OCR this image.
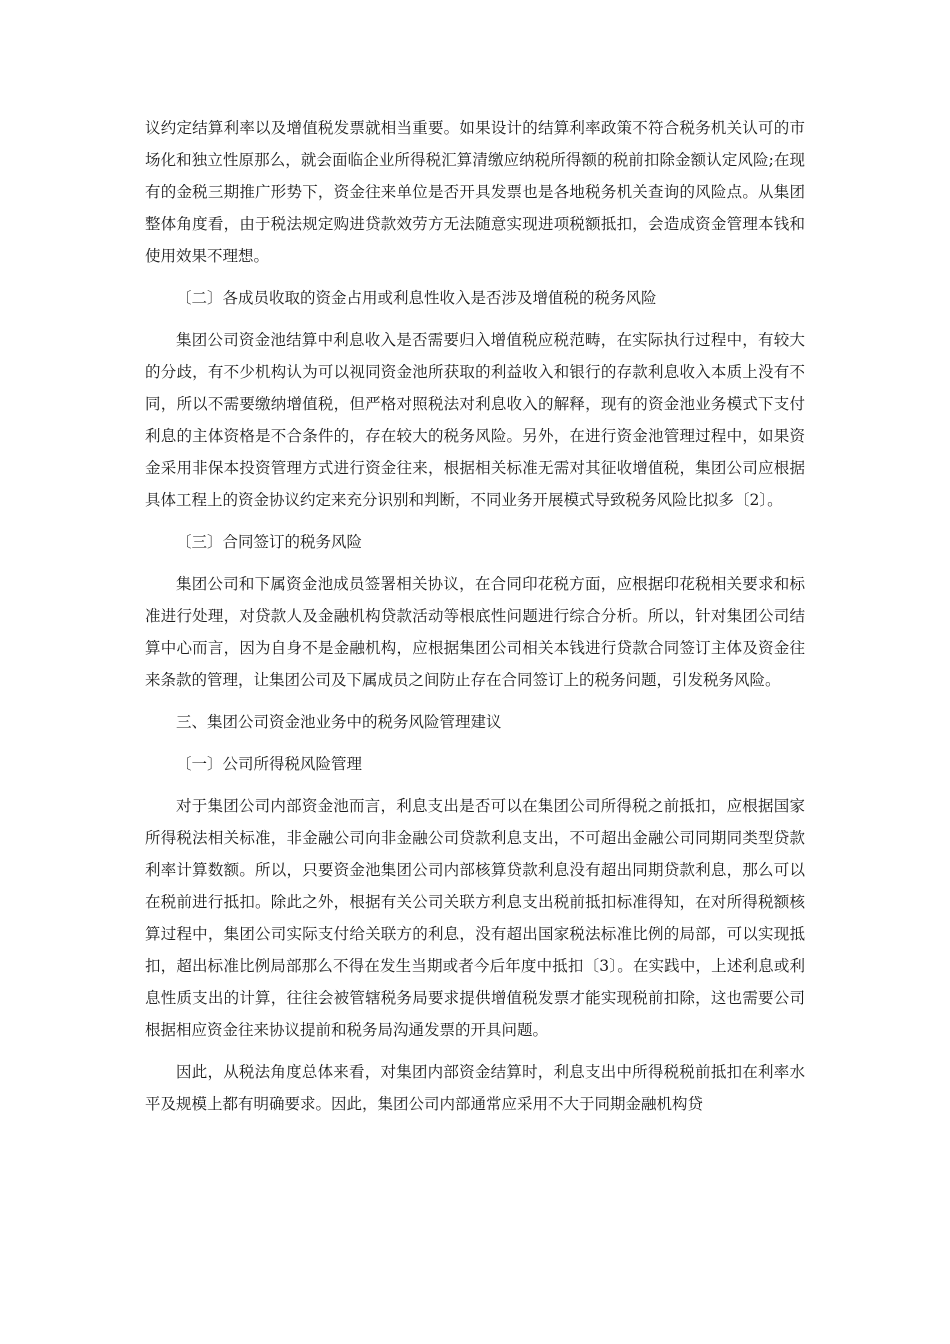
议约定结算利率以及增值税发票就相当重要。如果设计的结算利率政策不符合税务机关认可的市场化和独立性原那么，就会面临企业所得税汇算清缴应纳税所得额的税前扣除金额认定风险;在现有的金税三期推广形势下，资金往来单位是否开具发票也是各地税务机关查询的风险点。从集团整体角度看，由于税法规定购进贷款效劳方无法随意实现进项税额抵扣，会造成资金管理本钱和使用效果不理想。

〔二〕各成员收取的资金占用或利息性收入是否涉及增值税的税务风险

集团公司资金池结算中利息收入是否需要归入增值税应税范畴，在实际执行过程中，有较大的分歧，有不少机构认为可以视同资金池所获取的利益收入和银行的存款利息收入本质上没有不同，所以不需要缴纳增值税，但严格对照税法对利息收入的解释，现有的资金池业务模式下支付利息的主体资格是不合条件的，存在较大的税务风险。另外，在进行资金池管理过程中，如果资金采用非保本投资管理方式进行资金往来，根据相关标准无需对其征收增值税，集团公司应根据具体工程上的资金协议约定来充分识别和判断，不同业务开展模式导致税务风险比拟多〔2〕。

〔三〕合同签订的税务风险

集团公司和下属资金池成员签署相关协议，在合同印花税方面，应根据印花税相关要求和标准进行处理，对贷款人及金融机构贷款活动等根底性问题进行综合分析。所以，针对集团公司结算中心而言，因为自身不是金融机构，应根据集团公司相关本钱进行贷款合同签订主体及资金往来条款的管理，让集团公司及下属成员之间防止存在合同签订上的税务问题，引发税务风险。

三、集团公司资金池业务中的税务风险管理建议

〔一〕公司所得税风险管理

对于集团公司内部资金池而言，利息支出是否可以在集团公司所得税之前抵扣，应根据国家所得税法相关标准，非金融公司向非金融公司贷款利息支出，不可超出金融公司同期同类型贷款利率计算数额。所以，只要资金池集团公司内部核算贷款利息没有超出同期贷款利息，那么可以在税前进行抵扣。除此之外，根据有关公司关联方利息支出税前抵扣标准得知，在对所得税额核算过程中，集团公司实际支付给关联方的利息，没有超出国家税法标准比例的局部，可以实现抵扣，超出标准比例局部那么不得在发生当期或者今后年度中抵扣〔3〕。在实践中，上述利息或利息性质支出的计算，往往会被管辖税务局要求提供增值税发票才能实现税前扣除，这也需要公司根据相应资金往来协议提前和税务局沟通发票的开具问题。

因此，从税法角度总体来看，对集团内部资金结算时，利息支出中所得税税前抵扣在利率水平及规模上都有明确要求。因此，集团公司内部通常应采用不大于同期金融机构贷
